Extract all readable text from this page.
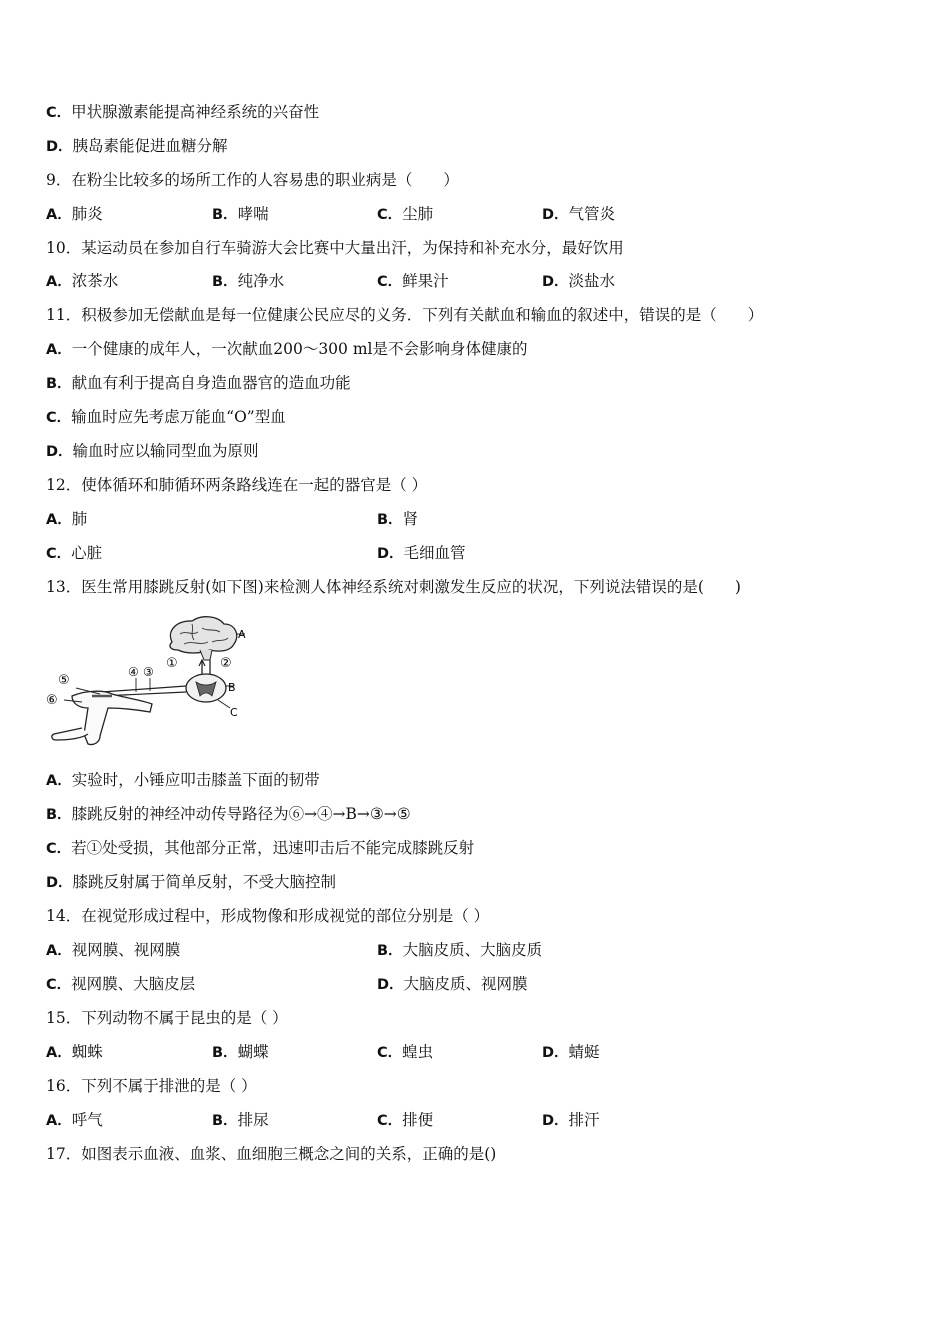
C．甲状腺激素能提高神经系统的兴奋性
D．胰岛素能促进血糖分解
9．在粉尘比较多的场所工作的人容易患的职业病是（　　）
A．肺炎	B．哮喘	C．尘肺	D．气管炎
10．某运动员在参加自行车骑游大会比赛中大量出汗，为保持和补充水分，最好饮用
A．浓茶水	B．纯净水	C．鲜果汁	D．淡盐水
11．积极参加无偿献血是每一位健康公民应尽的义务．下列有关献血和输血的叙述中，错误的是（　　）
A．一个健康的成年人，一次献血200～300 ml是不会影响身体健康的
B．献血有利于提高自身造血器官的造血功能
C．输血时应先考虑万能血“O”型血
D．输血时应以输同型血为原则
12．使体循环和肺循环两条路线连在一起的器官是（ ）
A．肺	B．肾
C．心脏	D．毛细血管
13．医生常用膝跳反射(如下图)来检测人体神经系统对刺激发生反应的状况，下列说法错误的是(　　)
A
①	②
B
C
④ ③
⑤
⑥
A．实验时，小锤应叩击膝盖下面的韧带
B．膝跳反射的神经冲动传导路径为⑥→④→B→③→⑤
C．若①处受损，其他部分正常，迅速叩击后不能完成膝跳反射
D．膝跳反射属于简单反射，不受大脑控制
14．在视觉形成过程中，形成物像和形成视觉的部位分别是（ ）
A．视网膜、视网膜	B．大脑皮质、大脑皮质
C．视网膜、大脑皮层	D．大脑皮质、视网膜
15．下列动物不属于昆虫的是（ ）
A．蜘蛛	B．蝴蝶	C．蝗虫	D．蜻蜓
16．下列不属于排泄的是（ ）
A．呼气	B．排尿	C．排便	D．排汗
17．如图表示血液、血浆、血细胞三概念之间的关系，正确的是()
